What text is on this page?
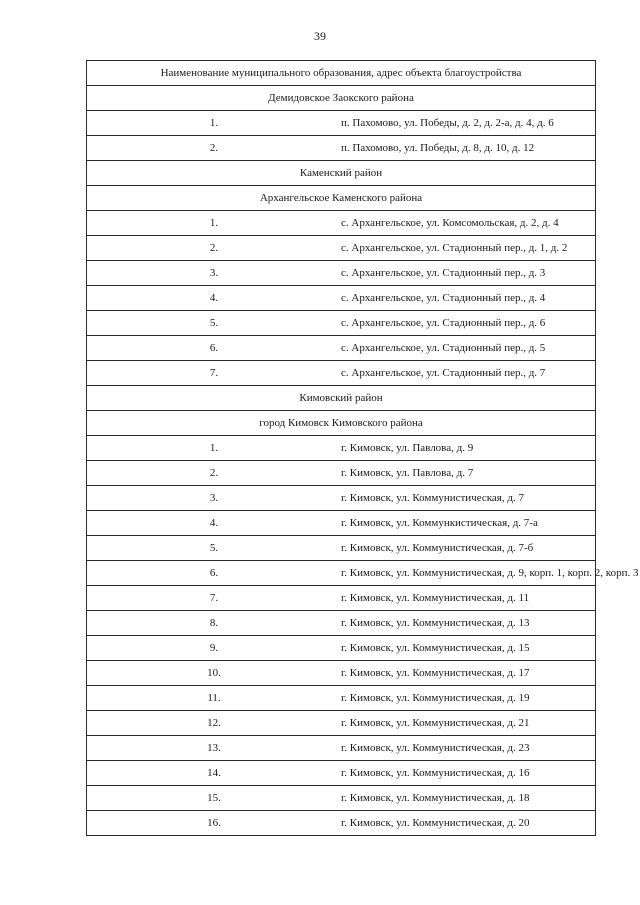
39
Наименование муниципального образования, адрес объекта благоустройства	
Демидовское Заокского района	
1.	п. Пахомово, ул. Победы, д. 2, д. 2-а, д. 4, д. 6
2.	п. Пахомово, ул. Победы, д. 8, д. 10, д. 12
Каменский район	
Архангельское Каменского района	
1.	с. Архангельское, ул. Комсомольская, д. 2, д. 4
2.	с. Архангельское, ул. Стадионный пер., д. 1, д. 2
3.	с. Архангельское, ул. Стадионный пер., д. 3
4.	с. Архангельское, ул. Стадионный пер., д. 4
5.	с. Архангельское, ул. Стадионный пер., д. 6
6.	с. Архангельское, ул. Стадионный пер., д. 5
7.	с. Архангельское, ул. Стадионный пер., д. 7
Кимовский район	
город Кимовск Кимовского района	
1.	г. Кимовск, ул. Павлова, д. 9
2.	г. Кимовск, ул. Павлова, д. 7
3.	г. Кимовск, ул. Коммунистическая, д. 7
4.	г. Кимовск, ул. Коммункистическая, д. 7-а
5.	г. Кимовск, ул. Коммунистическая, д. 7-б
6.	г. Кимовск, ул. Коммунистическая, д. 9, корп. 1, корп. 2, корп. 3
7.	г. Кимовск, ул. Коммунистическая, д. 11
8.	г. Кимовск, ул. Коммунистическая, д. 13
9.	г. Кимовск, ул. Коммунистическая, д. 15
10.	г. Кимовск, ул. Коммунистическая, д. 17
11.	г. Кимовск, ул. Коммунистическая, д. 19
12.	г. Кимовск, ул. Коммунистическая, д. 21
13.	г. Кимовск, ул. Коммунистическая, д. 23
14.	г. Кимовск, ул. Коммунистическая, д. 16
15.	г. Кимовск, ул. Коммунистическая, д. 18
16.	г. Кимовск, ул. Коммунистическая, д. 20
